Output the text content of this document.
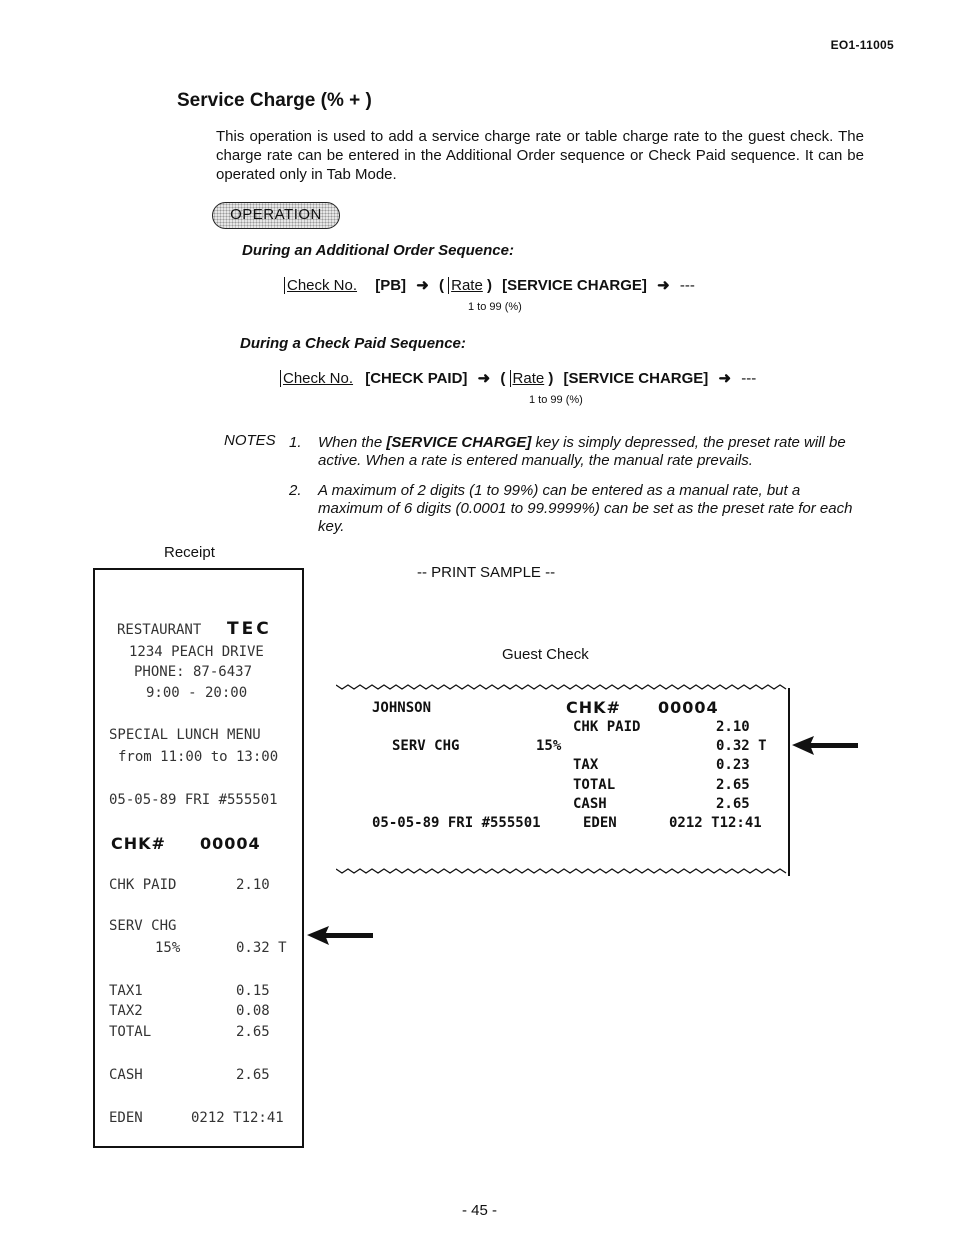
EO1-11005
Service Charge (% + )
This operation is used to add a service charge rate or table charge rate to the guest check. The charge rate can be entered in the Additional Order sequence or Check Paid sequence. It can be operated only in Tab Mode.
OPERATION
During an Additional Order Sequence:
Check No. [PB] ➜ ( Rate ) [SERVICE CHARGE] ➜ ---
1 to 99 (%)
During a Check Paid Sequence:
Check No. [CHECK PAID] ➜ ( Rate ) [SERVICE CHARGE] ➜ ---
1 to 99 (%)
NOTES 1. When the [SERVICE CHARGE] key is simply depressed, the preset rate will be active. When a rate is entered manually, the manual rate prevails.
2. A maximum of 2 digits (1 to 99%) can be entered as a manual rate, but a maximum of 6 digits (0.0001 to 99.9999%) can be set as the preset rate for each key.
Receipt
-- PRINT SAMPLE --
RESTAURANT TEC
1234 PEACH DRIVE
PHONE: 87-6437
9:00 - 20:00
SPECIAL LUNCH MENU
from 11:00 to 13:00
05-05-89 FRI #555501
CHK# 00004
CHK PAID	2.10
SERV CHG
15%	0.32 T
TAX1	0.15
TAX2	0.08
TOTAL	2.65
CASH	2.65
EDEN	0212 T12:41
Guest Check
JOHNSON	CHK# 00004
CHK PAID	2.10
SERV CHG	15%	0.32 T
TAX	0.23
TOTAL	2.65
CASH	2.65
05-05-89 FRI #555501	EDEN	0212 T12:41
- 45 -
